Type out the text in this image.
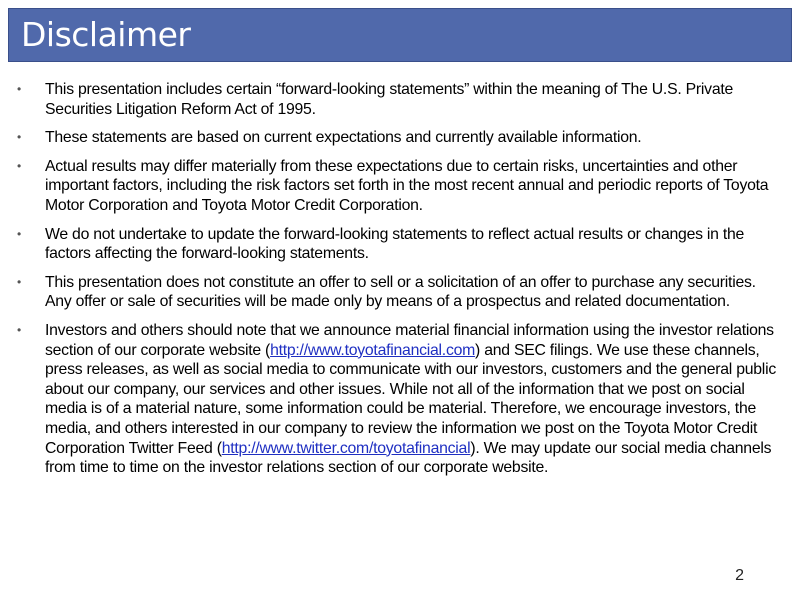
Disclaimer
• This presentation includes certain “forward-looking statements” within the meaning of The U.S. Private Securities Litigation Reform Act of 1995.
• These statements are based on current expectations and currently available information.
• Actual results may differ materially from these expectations due to certain risks, uncertainties and other important factors, including the risk factors set forth in the most recent annual and periodic reports of Toyota Motor Corporation and Toyota Motor Credit Corporation.
• We do not undertake to update the forward-looking statements to reflect actual results or changes in the factors affecting the forward-looking statements.
• This presentation does not constitute an offer to sell or a solicitation of an offer to purchase any securities. Any offer or sale of securities will be made only by means of a prospectus and related documentation.
• Investors and others should note that we announce material financial information using the investor relations section of our corporate website (http://www.toyotafinancial.com) and SEC filings. We use these channels, press releases, as well as social media to communicate with our investors, customers and the general public about our company, our services and other issues. While not all of the information that we post on social media is of a material nature, some information could be material. Therefore, we encourage investors, the media, and others interested in our company to review the information we post on the Toyota Motor Credit Corporation Twitter Feed (http://www.twitter.com/toyotafinancial). We may update our social media channels from time to time on the investor relations section of our corporate website.
2
